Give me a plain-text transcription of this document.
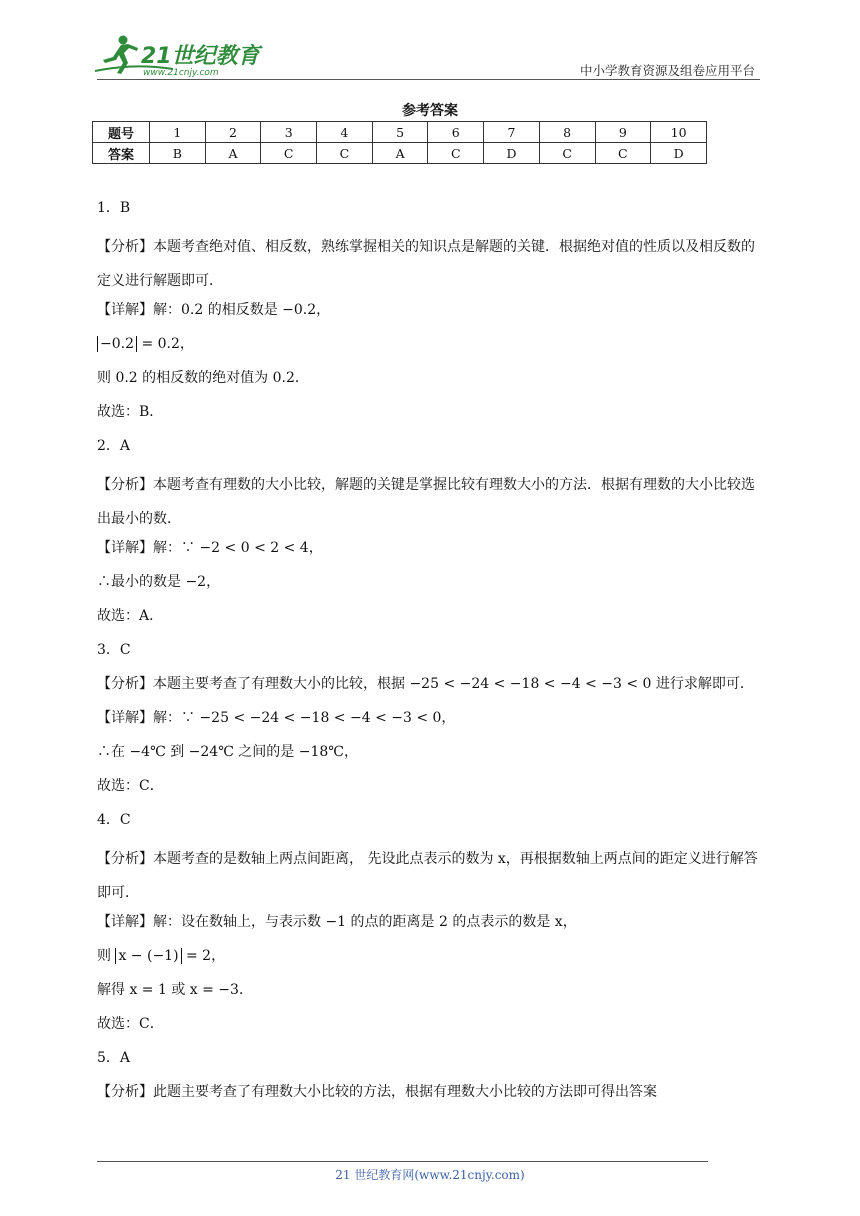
21世纪教育
www.21cnjy.com	中小学教育资源及组卷应用平台
参考答案
题号	1	2	3	4	5	6	7	8	9	10
答案	B	A	C	C	A	C	D	C	C	D
1．B
【分析】本题考查绝对值、相反数，熟练掌握相关的知识点是解题的关键．根据绝对值的性质以及相反数的定义进行解题即可．
【详解】解：0.2 的相反数是 −0.2，
−0.2 = 0.2，
则 0.2 的相反数的绝对值为 0.2．
故选：B．
2．A
【分析】本题考查有理数的大小比较，解题的关键是掌握比较有理数大小的方法．根据有理数的大小比较选出最小的数．
【详解】解：∵ −2 < 0 < 2 < 4，
∴最小的数是 −2，
故选：A．
3．C
【分析】本题主要考查了有理数大小的比较，根据 −25 < −24 < −18 < −4 < −3 < 0 进行求解即可．
【详解】解：∵ −25 < −24 < −18 < −4 < −3 < 0，
∴在 −4℃ 到 −24℃ 之间的是 −18℃，
故选：C．
4．C
【分析】本题考查的是数轴上两点间距离， 先设此点表示的数为 x，再根据数轴上两点间的距定义进行解答即可．
【详解】解：设在数轴上，与表示数 −1 的点的距离是 2 的点表示的数是 x，
则 x − (−1) = 2，
解得 x = 1 或 x = −3．
故选：C．
5．A
【分析】此题主要考查了有理数大小比较的方法，根据有理数大小比较的方法即可得出答案
21 世纪教育网(www.21cnjy.com)
